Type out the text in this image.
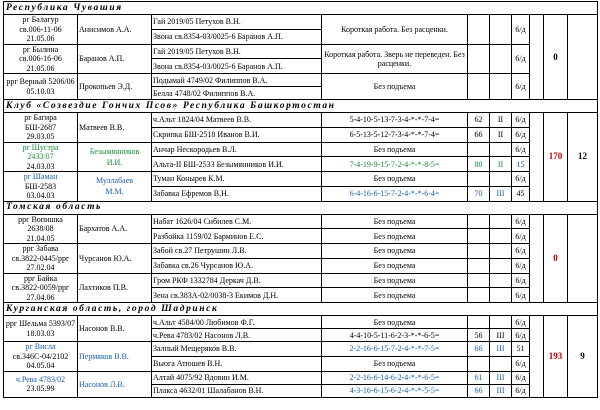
Республика Чувашия									
рг Балагур
св.006-11-06
21.05.06	Анисимов А.А.	Гай 2019/05 Петухов В.Н.	Короткая работа. Без расценки.			6/д		0	
		Звона св.8354-03/0025-6 Баранов А.П.							
рг Былина
св.006-16-06
21.05.06	Баранов А.П.	Гай 2019/05 Петухов В.Н.	Короткая работа. Зверь не переведен. Без расценки.			6/д			
		Звона св.8354-03/0025-6 Баранов А.П.							
ррг Верный 5206/06
05.10.03	Прокопьев Э.Д.	Подымай 4749/02 Филиппов В.А.	Без подъема			6/д			
		Белла 4748/02 Филиппов В.А.							
Клуб «Созвездие Гончих Псов» Республика Башкортостан									
рг Багира
БШ-2687
29.03.05	Матвеев В.В.	ч.Альт 1824/04 Матвеев В.В.	5-4-10-5-13-7-3-4-*-*-7-4=	62	II	6/д		170	12
		Скрипка БШ-2518 Иванов В.И.	6-5-13-5-12-7-3-4-*-*-7-4=	66	II	6/д			
рг Шустра
2433/07
24.03.03	Безымянников
И.И.	Анчар Нескородьев В.Л.	Без подъема			6/д			
		Альта-II БШ-2533 Безымянников И.И.	7-4-19-9-15-7-2-4-*-*-8-5=	80	II	15			
рг Шаман
БШ-2583
03.04.03	Муллабаев
М.М.	Туман Конырев К.М.	Без подъема			6/д			
		Забавка Ефремов В.Н.	6-4-16-6-15-7-2-4-*-*-6-4=	70	III	45			
Томская область									
ррг Вопишка 2638/08
21.04.05	Бархатов А.А.	Набат 1626/04 Сибилев С.М.	Без подъема			6/д		0	
		Разбойка 1159/02 Барминов Е.С.	Без подъема			6/д			
ррг Забава
св.3822-0445/ррг
27.02.04	Чурсанов Ю.А.	Забой св.27 Петрушин Л.В.	Без подъема			6/д			
		Забавка св.26 Чурсанов Ю.А.	Без подъема			6/д			
ррг Байка
св.3822-0059/ррг
27.04.06	Лахтиков П.В.	Гром РКФ 1332784 Деркач Д.В.	Без подъема			6/д			
		Зена св.383А-02/0038-3 Екимов Д.Н.	Без подъема			6/д			
Курганская область, город Шадринск									
ррг Шельма 5393/07
18.03.03	Насонов В.В.	ч.Альт 4584/00 Любимов Ф.Г.	Без подъема			6/д		193	9
		ч.Рева 4783/02 Насонов Л.В.	4-4-10-5-11-6-2-3-*-*-6-5=	56	III	6/д			
рг Висла
св.346С-04/2102
04.05.04	Пермяков В.В.	Залпый Мещеряков В.В.	2-2-16-6-15-7-2-4-*-*-7-5=	66	III	51			
		Вьюга Атюшев В.Н.	Без подъема			6/д			
ч.Рева 4783/02
23.05.99	Насонов Л.В.	Алтай 4075/92 Вдовин И.М.	2-2-16-6-14-6-2-4-*-*-6-5=	61	III	6/д			
		Плакса 4632/01 Шалабанов В.Н.	4-3-16-6-15-6-2-4-*-*-5-5=	66	III	6/д			
